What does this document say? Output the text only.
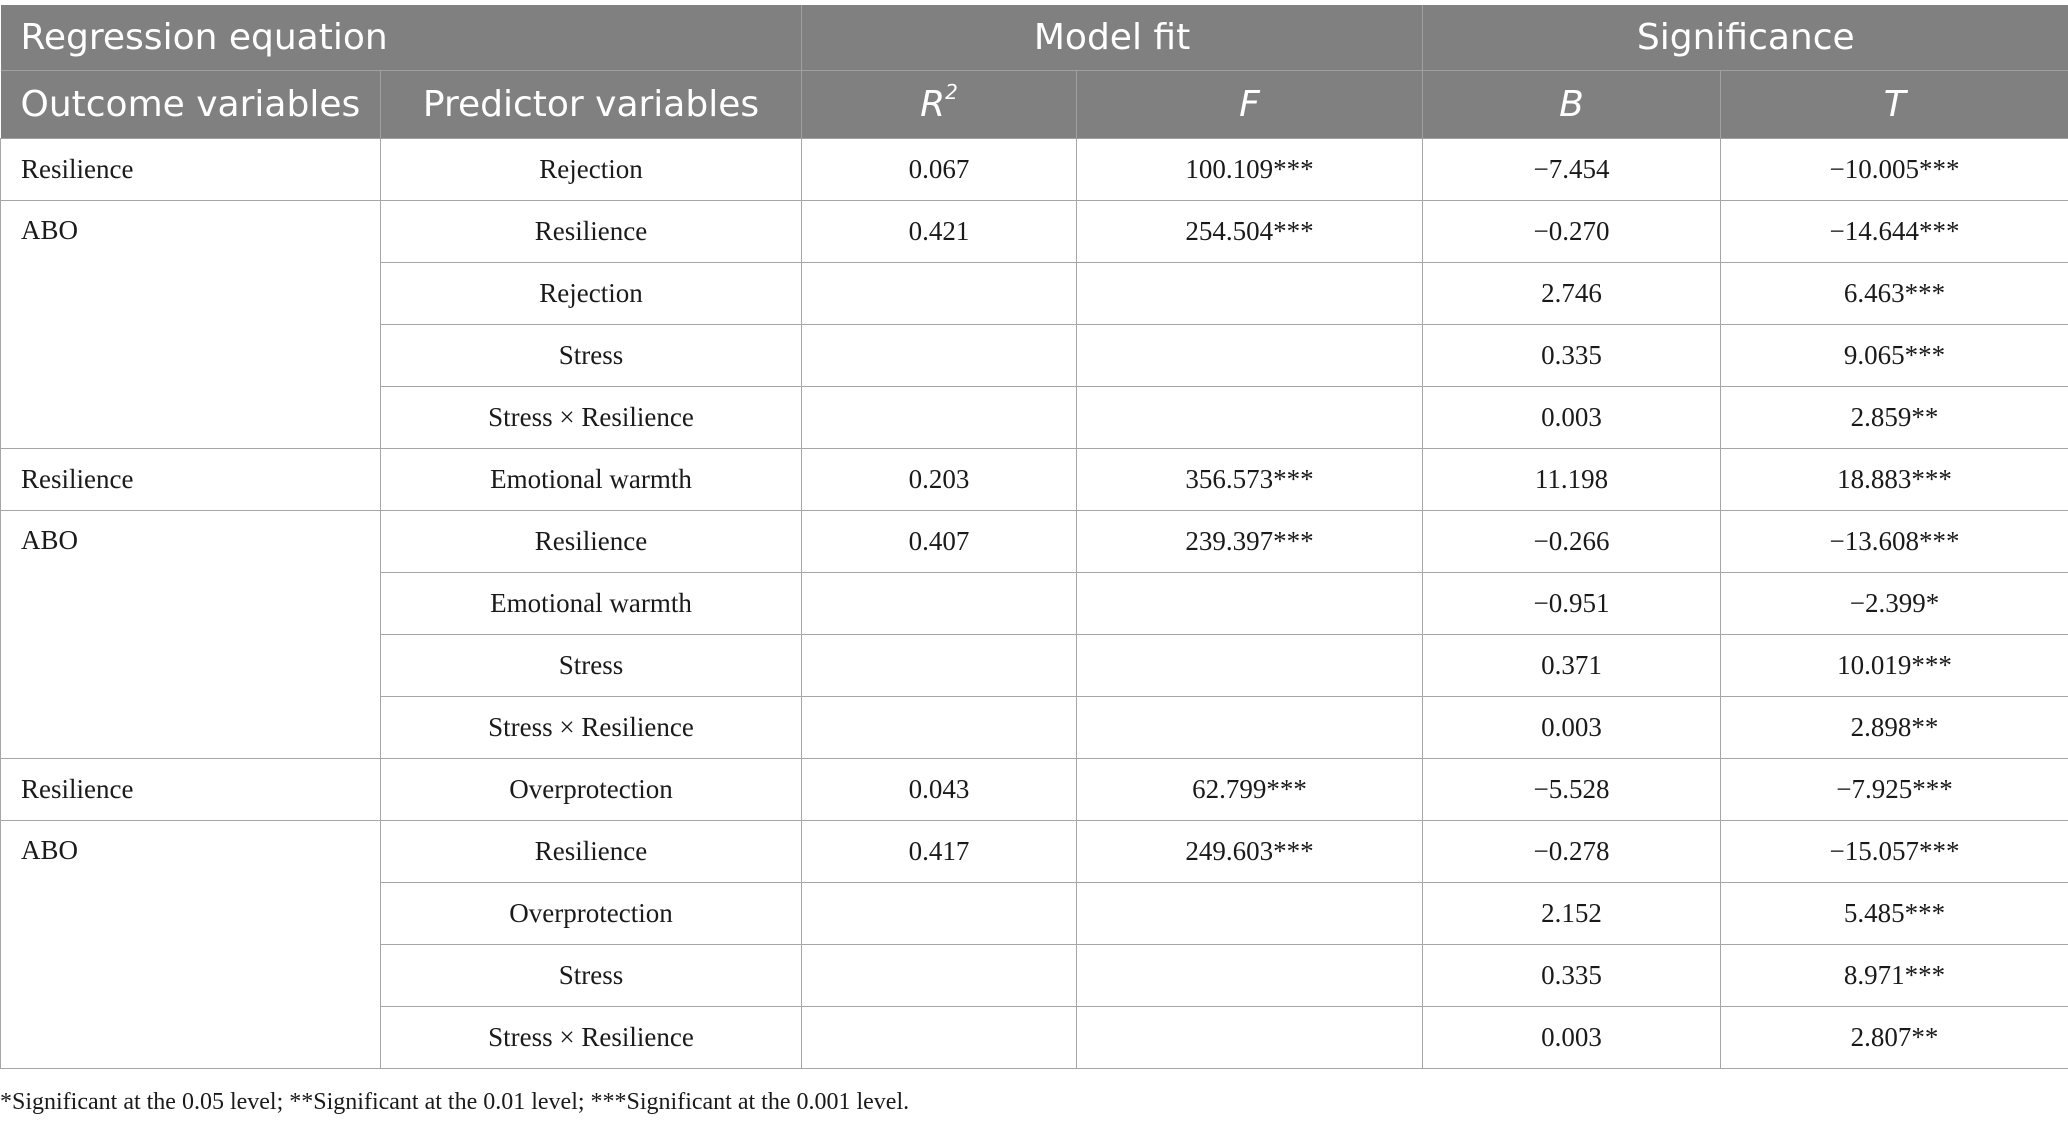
Regression equation		Model fit		Significance	
Outcome variables	Predictor variables	$R^2$	F	B	T
Resilience	Rejection	0.067	100.109***	−7.454	−10.005***
ABO	Resilience	0.421	254.504***	−0.270	−14.644***
	Rejection			2.746	6.463***
	Stress			0.335	9.065***
	Stress × Resilience			0.003	2.859**
Resilience	Emotional warmth	0.203	356.573***	11.198	18.883***
ABO	Resilience	0.407	239.397***	−0.266	−13.608***
	Emotional warmth			−0.951	−2.399*
	Stress			0.371	10.019***
	Stress × Resilience			0.003	2.898**
Resilience	Overprotection	0.043	62.799***	−5.528	−7.925***
ABO	Resilience	0.417	249.603***	−0.278	−15.057***
	Overprotection			2.152	5.485***
	Stress			0.335	8.971***
	Stress × Resilience			0.003	2.807**
*Significant at the 0.05 level; **Significant at the 0.01 level; ***Significant at the 0.001 level.
